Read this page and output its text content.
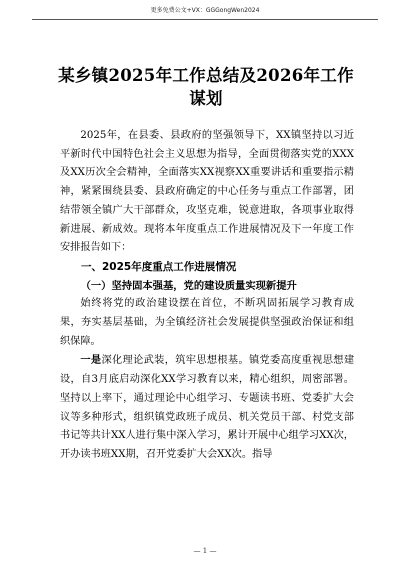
更多免费公文+VX：GGGongWen2024
某乡镇2025年工作总结及2026年工作谋划

2025年，在县委、县政府的坚强领导下，XX镇坚持以习近平新时代中国特色社会主义思想为指导，全面贯彻落实党的XXX及XX历次全会精神，全面落实XX视察XX重要讲话和重要指示精神，紧紧围绕县委、县政府确定的中心任务与重点工作部署，团结带领全镇广大干部群众，攻坚克难，锐意进取，各项事业取得新进展、新成效。现将本年度重点工作进展情况及下一年度工作安排报告如下：

一、2025年度重点工作进展情况

（一）坚持固本强基，党的建设质量实现新提升

始终将党的政治建设摆在首位，不断巩固拓展学习教育成果，夯实基层基础，为全镇经济社会发展提供坚强政治保证和组织保障。

一是深化理论武装，筑牢思想根基。镇党委高度重视思想建设，自3月底启动深化XX学习教育以来，精心组织，周密部署。坚持以上率下，通过理论中心组学习、专题读书班、党委扩大会议等多种形式，组织镇党政班子成员、机关党员干部、村党支部书记等共计XX人进行集中深入学习，累计开展中心组学习XX次，开办读书班XX期，召开党委扩大会XX次。指导

— 1 —
